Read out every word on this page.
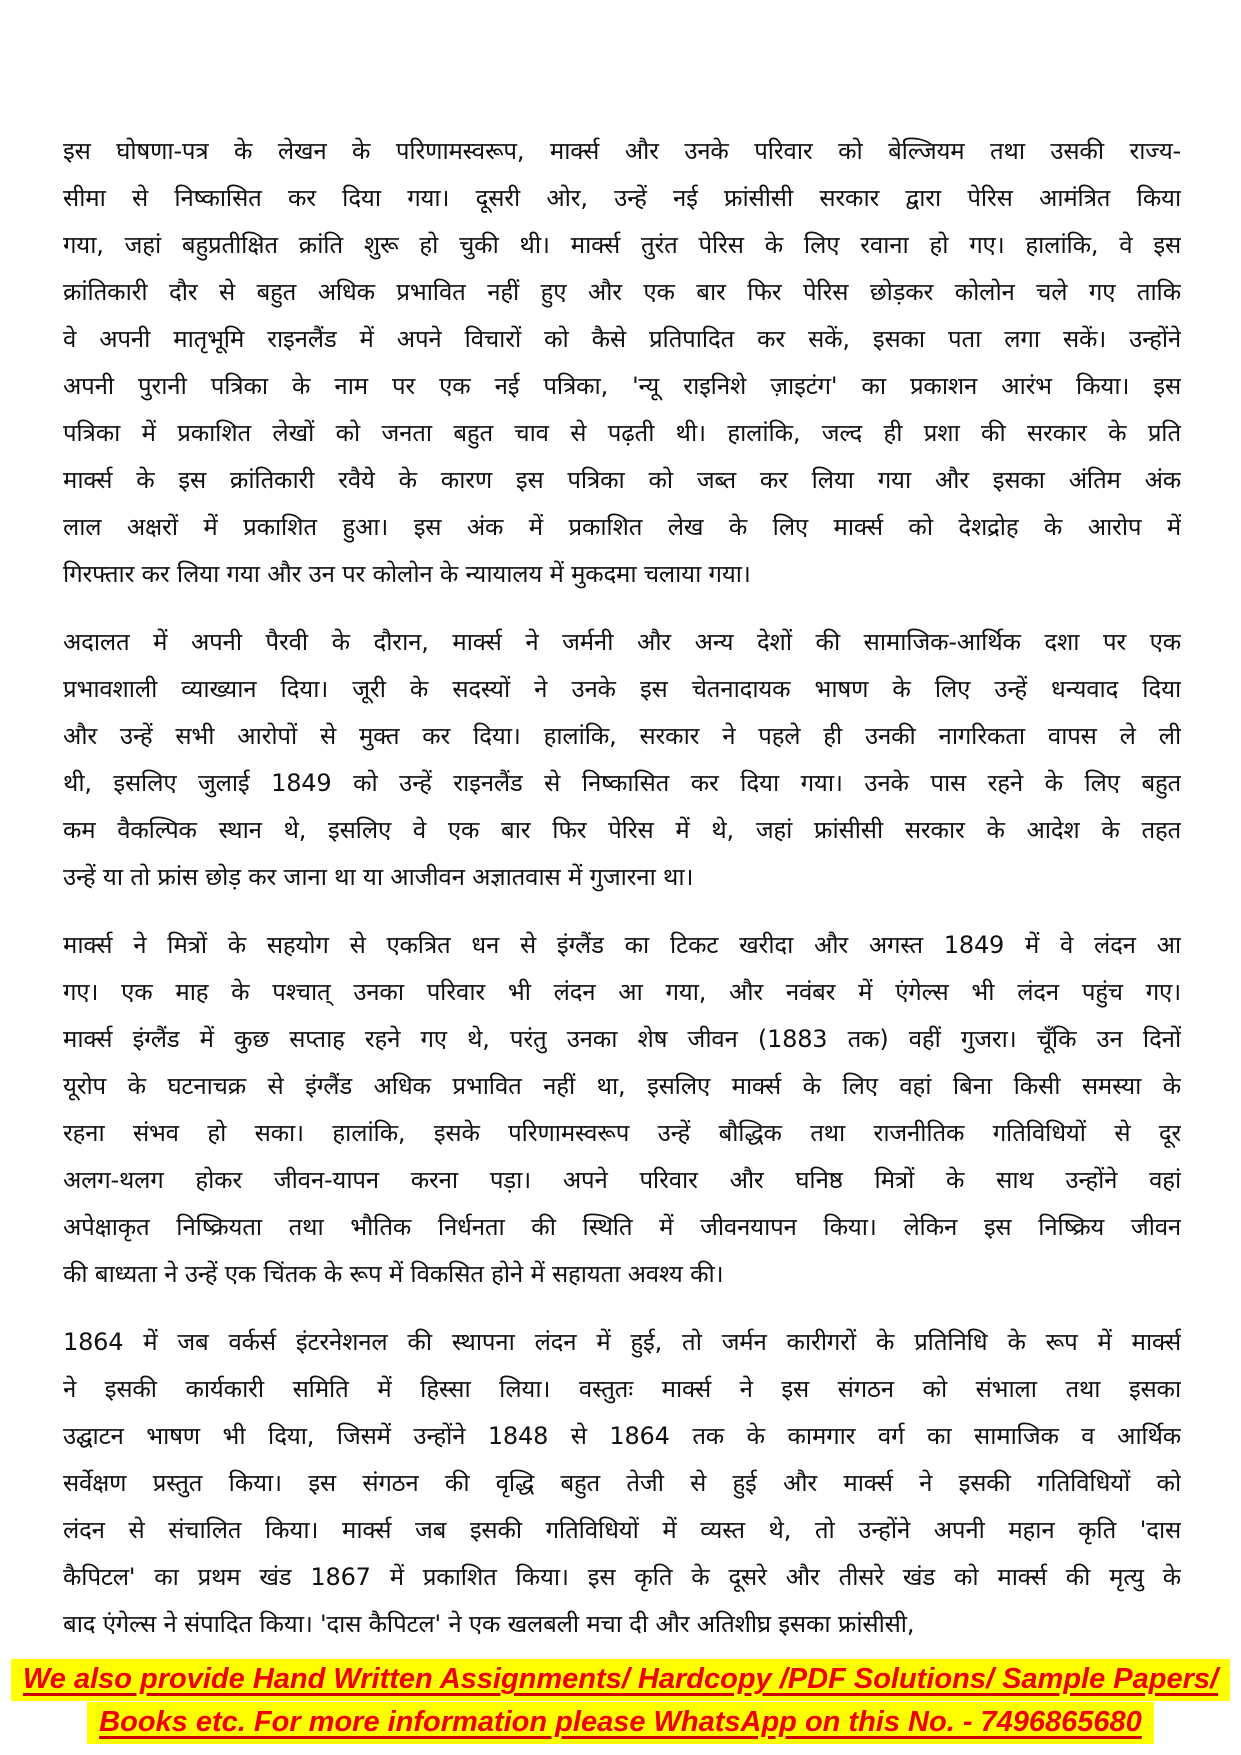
इस घोषणा-पत्र के लेखन के परिणामस्वरूप, मार्क्स और उनके परिवार को बेल्जियम तथा उसकी राज्य-
सीमा से निष्कासित कर दिया गया। दूसरी ओर, उन्हें नई फ्रांसीसी सरकार द्वारा पेरिस आमंत्रित किया
गया, जहां बहुप्रतीक्षित क्रांति शुरू हो चुकी थी। मार्क्स तुरंत पेरिस के लिए रवाना हो गए। हालांकि, वे इस
क्रांतिकारी दौर से बहुत अधिक प्रभावित नहीं हुए और एक बार फिर पेरिस छोड़कर कोलोन चले गए ताकि
वे अपनी मातृभूमि राइनलैंड में अपने विचारों को कैसे प्रतिपादित कर सकें, इसका पता लगा सकें। उन्होंने
अपनी पुरानी पत्रिका के नाम पर एक नई पत्रिका, 'न्यू राइनिशे ज़ाइटंग' का प्रकाशन आरंभ किया। इस
पत्रिका में प्रकाशित लेखों को जनता बहुत चाव से पढ़ती थी। हालांकि, जल्द ही प्रशा की सरकार के प्रति
मार्क्स के इस क्रांतिकारी रवैये के कारण इस पत्रिका को जब्त कर लिया गया और इसका अंतिम अंक
लाल अक्षरों में प्रकाशित हुआ। इस अंक में प्रकाशित लेख के लिए मार्क्स को देशद्रोह के आरोप में
गिरफ्तार कर लिया गया और उन पर कोलोन के न्यायालय में मुकदमा चलाया गया।
अदालत में अपनी पैरवी के दौरान, मार्क्स ने जर्मनी और अन्य देशों की सामाजिक-आर्थिक दशा पर एक
प्रभावशाली व्याख्यान दिया। जूरी के सदस्यों ने उनके इस चेतनादायक भाषण के लिए उन्हें धन्यवाद दिया
और उन्हें सभी आरोपों से मुक्त कर दिया। हालांकि, सरकार ने पहले ही उनकी नागरिकता वापस ले ली
थी, इसलिए जुलाई 1849 को उन्हें राइनलैंड से निष्कासित कर दिया गया। उनके पास रहने के लिए बहुत
कम वैकल्पिक स्थान थे, इसलिए वे एक बार फिर पेरिस में थे, जहां फ्रांसीसी सरकार के आदेश के तहत
उन्हें या तो फ्रांस छोड़ कर जाना था या आजीवन अज्ञातवास में गुजारना था।
मार्क्स ने मित्रों के सहयोग से एकत्रित धन से इंग्लैंड का टिकट खरीदा और अगस्त 1849 में वे लंदन आ
गए। एक माह के पश्चात् उनका परिवार भी लंदन आ गया, और नवंबर में एंगेल्स भी लंदन पहुंच गए।
मार्क्स इंग्लैंड में कुछ सप्ताह रहने गए थे, परंतु उनका शेष जीवन (1883 तक) वहीं गुजरा। चूँकि उन दिनों
यूरोप के घटनाचक्र से इंग्लैंड अधिक प्रभावित नहीं था, इसलिए मार्क्स के लिए वहां बिना किसी समस्या के
रहना संभव हो सका। हालांकि, इसके परिणामस्वरूप उन्हें बौद्धिक तथा राजनीतिक गतिविधियों से दूर
अलग-थलग होकर जीवन-यापन करना पड़ा। अपने परिवार और घनिष्ठ मित्रों के साथ उन्होंने वहां
अपेक्षाकृत निष्क्रियता तथा भौतिक निर्धनता की स्थिति में जीवनयापन किया। लेकिन इस निष्क्रिय जीवन
की बाध्यता ने उन्हें एक चिंतक के रूप में विकसित होने में सहायता अवश्य की।
1864 में जब वर्कर्स इंटरनेशनल की स्थापना लंदन में हुई, तो जर्मन कारीगरों के प्रतिनिधि के रूप में मार्क्स
ने इसकी कार्यकारी समिति में हिस्सा लिया। वस्तुतः मार्क्स ने इस संगठन को संभाला तथा इसका
उद्घाटन भाषण भी दिया, जिसमें उन्होंने 1848 से 1864 तक के कामगार वर्ग का सामाजिक व आर्थिक
सर्वेक्षण प्रस्तुत किया। इस संगठन की वृद्धि बहुत तेजी से हुई और मार्क्स ने इसकी गतिविधियों को
लंदन से संचालित किया। मार्क्स जब इसकी गतिविधियों में व्यस्त थे, तो उन्होंने अपनी महान कृति 'दास
कैपिटल' का प्रथम खंड 1867 में प्रकाशित किया। इस कृति के दूसरे और तीसरे खंड को मार्क्स की मृत्यु के
बाद एंगेल्स ने संपादित किया। 'दास कैपिटल' ने एक खलबली मचा दी और अतिशीघ्र इसका फ्रांसीसी,
We also provide Hand Written Assignments/ Hardcopy /PDF Solutions/ Sample Papers/
Books etc. For more information please WhatsApp on this No. - 7496865680
